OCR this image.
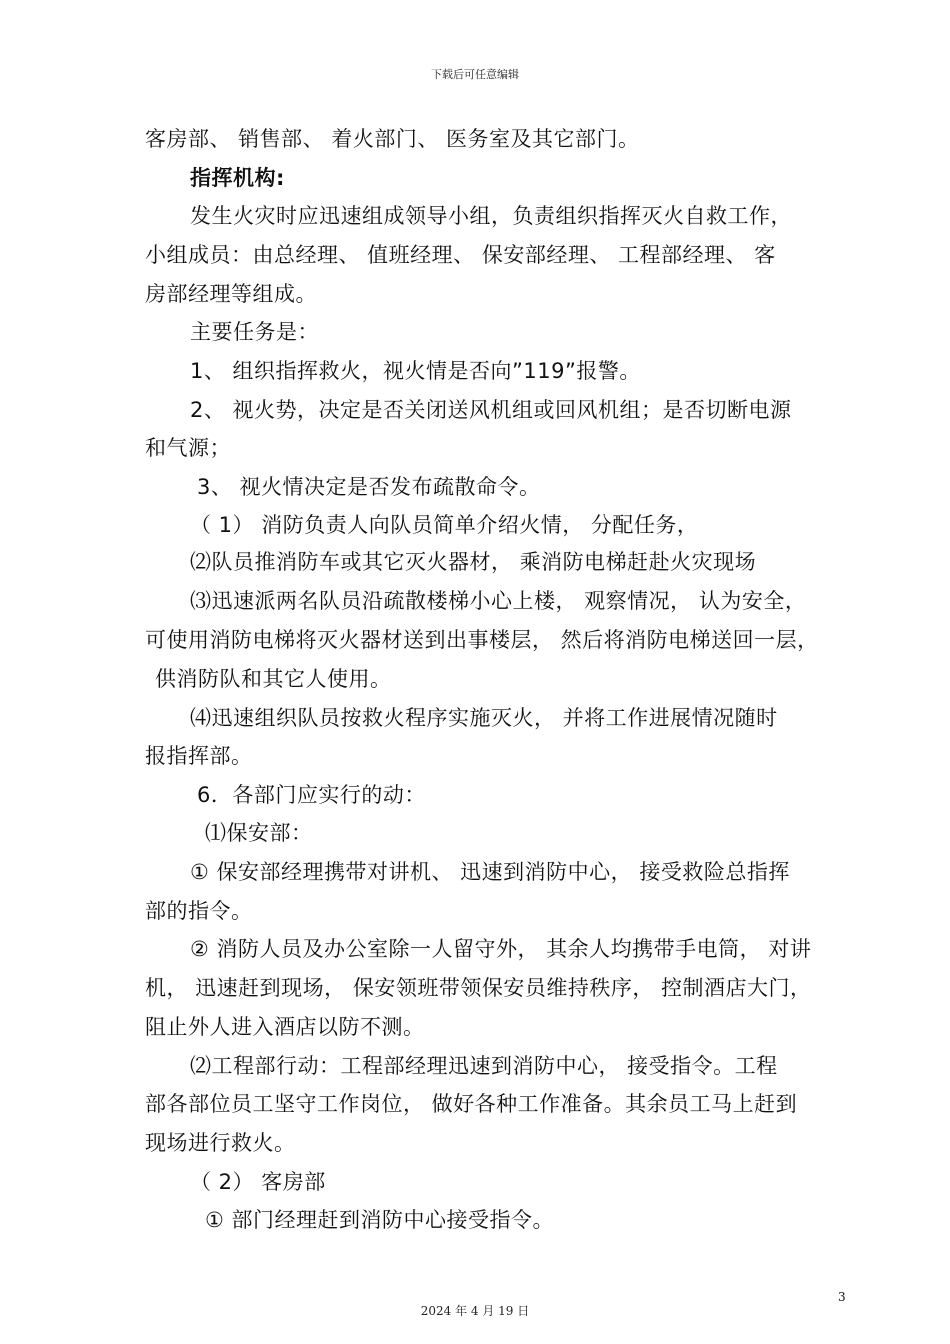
下载后可任意编辑
客房部、 销售部、 着火部门、 医务室及其它部门。
指挥机构:
发生火灾时应迅速组成领导小组，负责组织指挥灭火自救工作，
小组成员：由总经理、 值班经理、 保安部经理、 工程部经理、 客
房部经理等组成。
主要任务是：
1、 组织指挥救火，视火情是否向”119”报警。
2、 视火势，决定是否关闭送风机组或回风机组；是否切断电源
和气源；
3、 视火情决定是否发布疏散命令。
（ 1） 消防负责人向队员简单介绍火情， 分配任务，
⑵队员推消防车或其它灭火器材， 乘消防电梯赶赴火灾现场
⑶迅速派两名队员沿疏散楼梯小心上楼， 观察情况， 认为安全，
可使用消防电梯将灭火器材送到出事楼层， 然后将消防电梯送回一层，
供消防队和其它人使用。
⑷迅速组织队员按救火程序实施灭火， 并将工作进展情况随时
报指挥部。
6．各部门应实行的动：
⑴保安部：
① 保安部经理携带对讲机、 迅速到消防中心， 接受救险总指挥
部的指令。
② 消防人员及办公室除一人留守外， 其余人均携带手电筒， 对讲
机， 迅速赶到现场， 保安领班带领保安员维持秩序， 控制酒店大门，
阻止外人进入酒店以防不测。
⑵工程部行动：工程部经理迅速到消防中心， 接受指令。工程
部各部位员工坚守工作岗位， 做好各种工作准备。其余员工马上赶到
现场进行救火。
（ 2） 客房部
① 部门经理赶到消防中心接受指令。
3
2024 年 4 月 19 日
